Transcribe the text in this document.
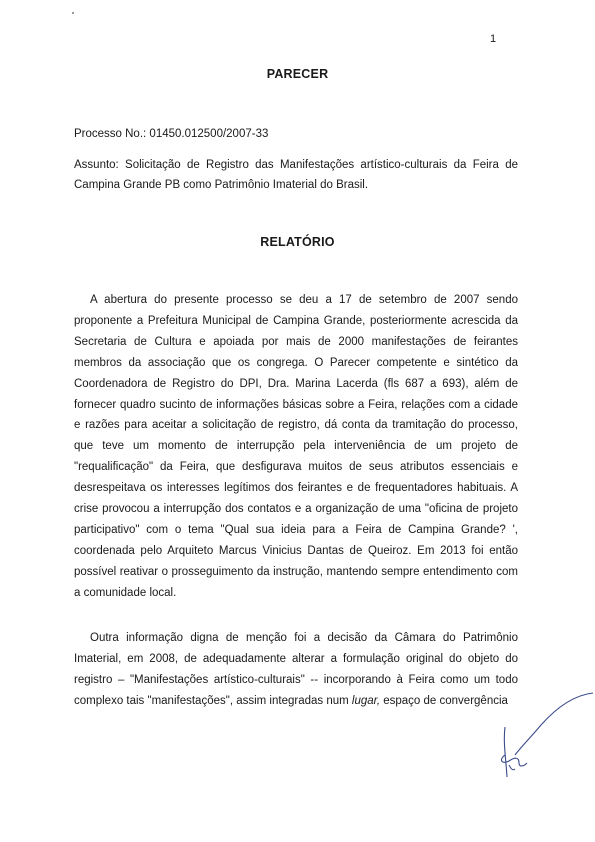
1
PARECER
Processo No.: 01450.012500/2007-33
Assunto: Solicitação de Registro das Manifestações artístico-culturais da Feira de Campina Grande PB como Patrimônio Imaterial do Brasil.
RELATÓRIO

A abertura do presente processo se deu a 17 de setembro de 2007 sendo proponente a Prefeitura Municipal de Campina Grande, posteriormente acrescida da Secretaria de Cultura e apoiada por mais de 2000 manifestações de feirantes membros da associação que os congrega. O Parecer competente e sintético da Coordenadora de Registro do DPI, Dra. Marina Lacerda (fls 687 a 693), além de fornecer quadro sucinto de informações básicas sobre a Feira, relações com a cidade e razões para aceitar a solicitação de registro, dá conta da tramitação do processo, que teve um momento de interrupção pela interveniência de um projeto de "requalificação" da Feira, que desfigurava muitos de seus atributos essenciais e desrespeitava os interesses legítimos dos feirantes e de frequentadores habituais. A crise provocou a interrupção dos contatos e a organização de uma "oficina de projeto participativo" com o tema "Qual sua ideia para a Feira de Campina Grande? ', coordenada pelo Arquiteto Marcus Vinicius Dantas de Queiroz. Em 2013 foi então possível reativar o prosseguimento da instrução, mantendo sempre entendimento com a comunidade local.

Outra informação digna de menção foi a decisão da Câmara do Patrimônio Imaterial, em 2008, de adequadamente alterar a formulação original do objeto do registro – "Manifestações artístico-culturais" -- incorporando à Feira como um todo complexo tais "manifestações", assim integradas num lugar, espaço de convergência
